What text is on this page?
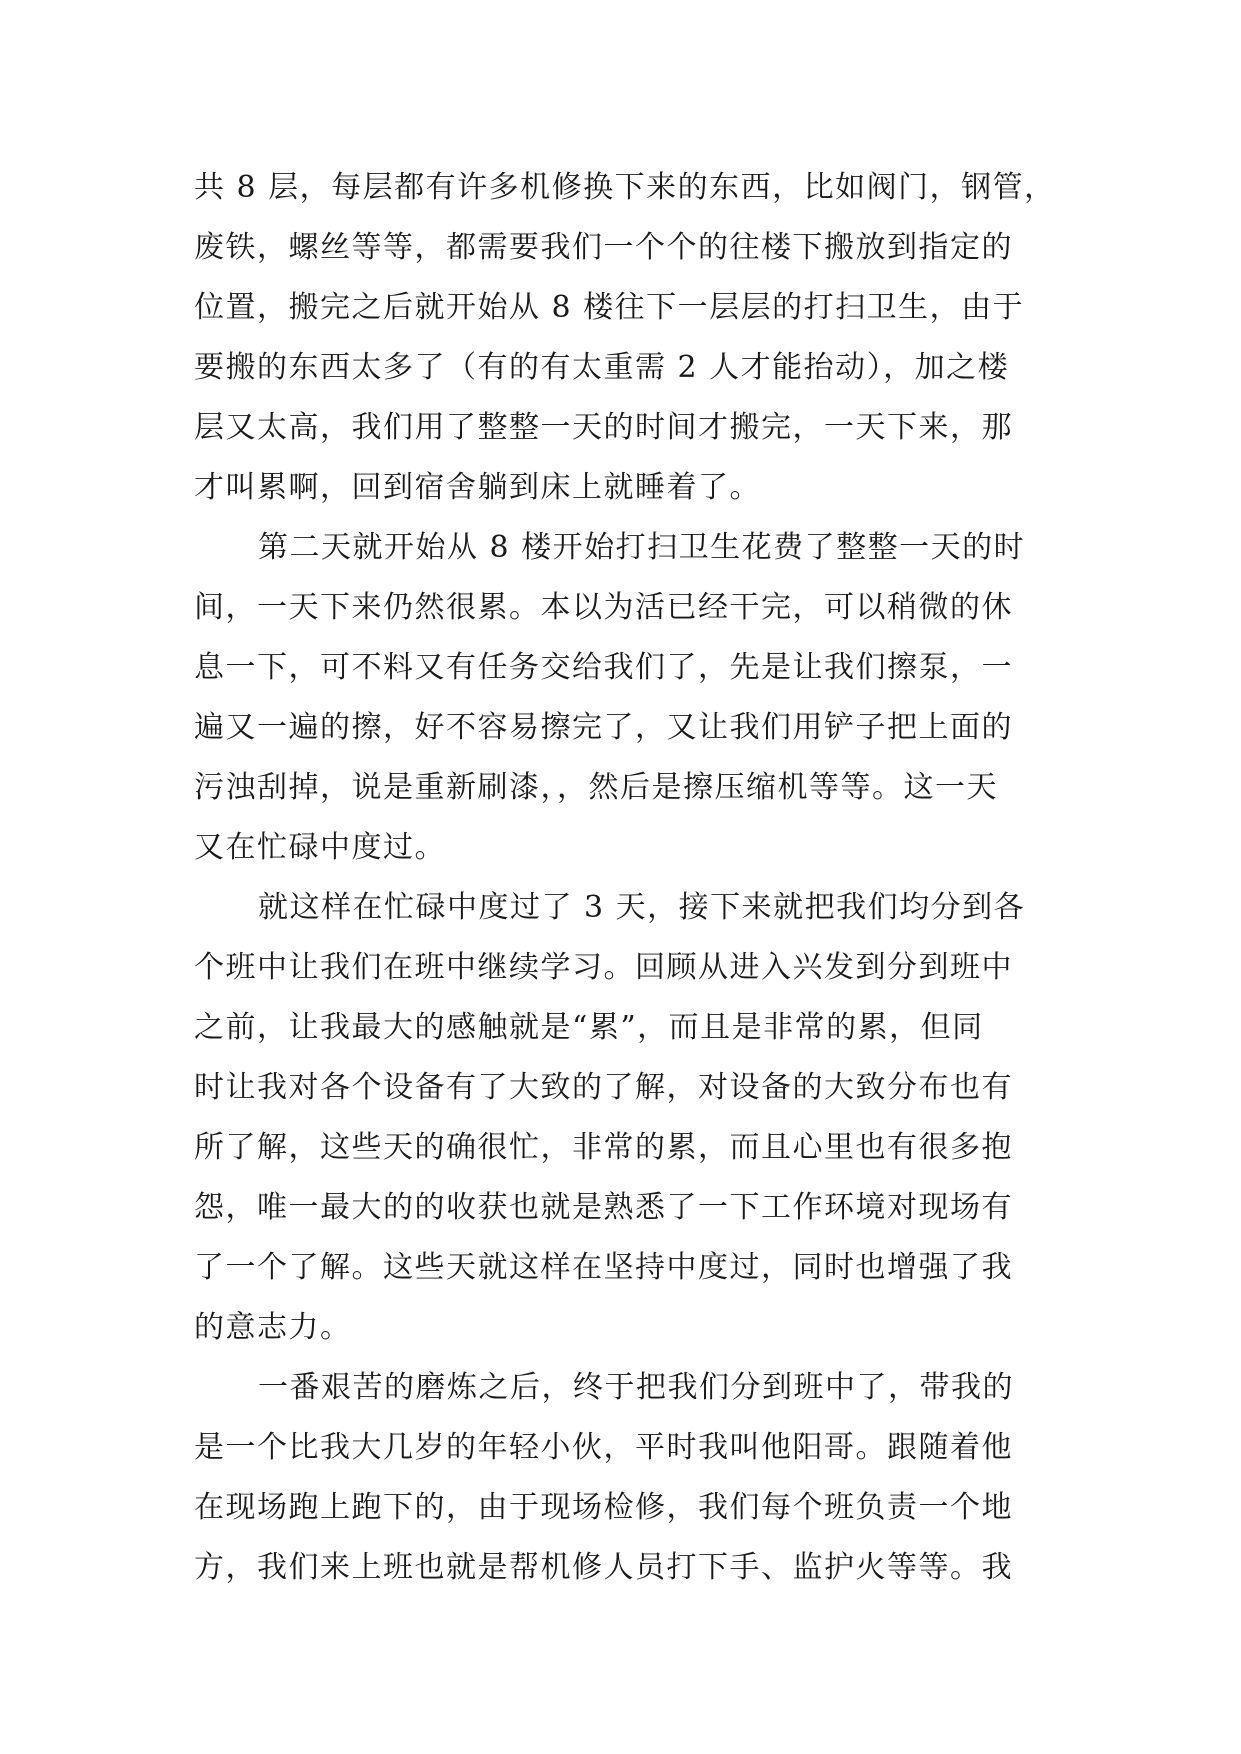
共 8 层，每层都有许多机修换下来的东西，比如阀门，钢管，
废铁，螺丝等等，都需要我们一个个的往楼下搬放到指定的
位置，搬完之后就开始从 8 楼往下一层层的打扫卫生，由于
要搬的东西太多了（有的有太重需 2 人才能抬动），加之楼
层又太高，我们用了整整一天的时间才搬完，一天下来，那
才叫累啊，回到宿舍躺到床上就睡着了。
第二天就开始从 8 楼开始打扫卫生花费了整整一天的时
间，一天下来仍然很累。本以为活已经干完，可以稍微的休
息一下，可不料又有任务交给我们了，先是让我们擦泵，一
遍又一遍的擦，好不容易擦完了，又让我们用铲子把上面的
污浊刮掉，说是重新刷漆，，然后是擦压缩机等等。这一天
又在忙碌中度过。
就这样在忙碌中度过了 3 天，接下来就把我们均分到各
个班中让我们在班中继续学习。回顾从进入兴发到分到班中
之前，让我最大的感触就是“累”，而且是非常的累，但同
时让我对各个设备有了大致的了解，对设备的大致分布也有
所了解，这些天的确很忙，非常的累，而且心里也有很多抱
怨，唯一最大的的收获也就是熟悉了一下工作环境对现场有
了一个了解。这些天就这样在坚持中度过，同时也增强了我
的意志力。
一番艰苦的磨炼之后，终于把我们分到班中了，带我的
是一个比我大几岁的年轻小伙，平时我叫他阳哥。跟随着他
在现场跑上跑下的，由于现场检修，我们每个班负责一个地
方，我们来上班也就是帮机修人员打下手、监护火等等。我
